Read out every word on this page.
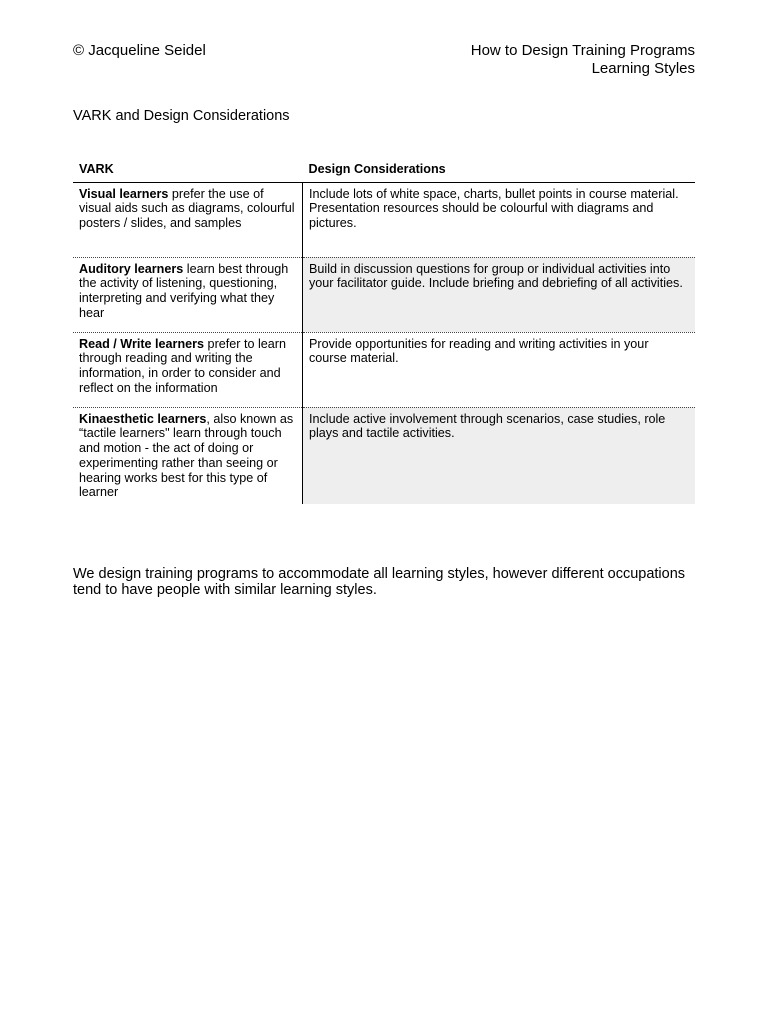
© Jacqueline Seidel	How to Design Training Programs
Learning Styles
VARK and Design Considerations
VARK	Design Considerations
Visual learners prefer the use of visual aids such as diagrams, colourful posters / slides, and samples	Include lots of white space, charts, bullet points in course material. Presentation resources should be colourful with diagrams and pictures.
Auditory learners learn best through the activity of listening, questioning, interpreting and verifying what they hear	Build in discussion questions for group or individual activities into your facilitator guide. Include briefing and debriefing of all activities.
Read / Write learners prefer to learn through reading and writing the information, in order to consider and reflect on the information	Provide opportunities for reading and writing activities in your course material.
Kinaesthetic learners, also known as “tactile learners" learn through touch and motion - the act of doing or experimenting rather than seeing or hearing works best for this type of learner	Include active involvement through scenarios, case studies, role plays and tactile activities.
We design training programs to accommodate all learning styles, however different occupations tend to have people with similar learning styles.
